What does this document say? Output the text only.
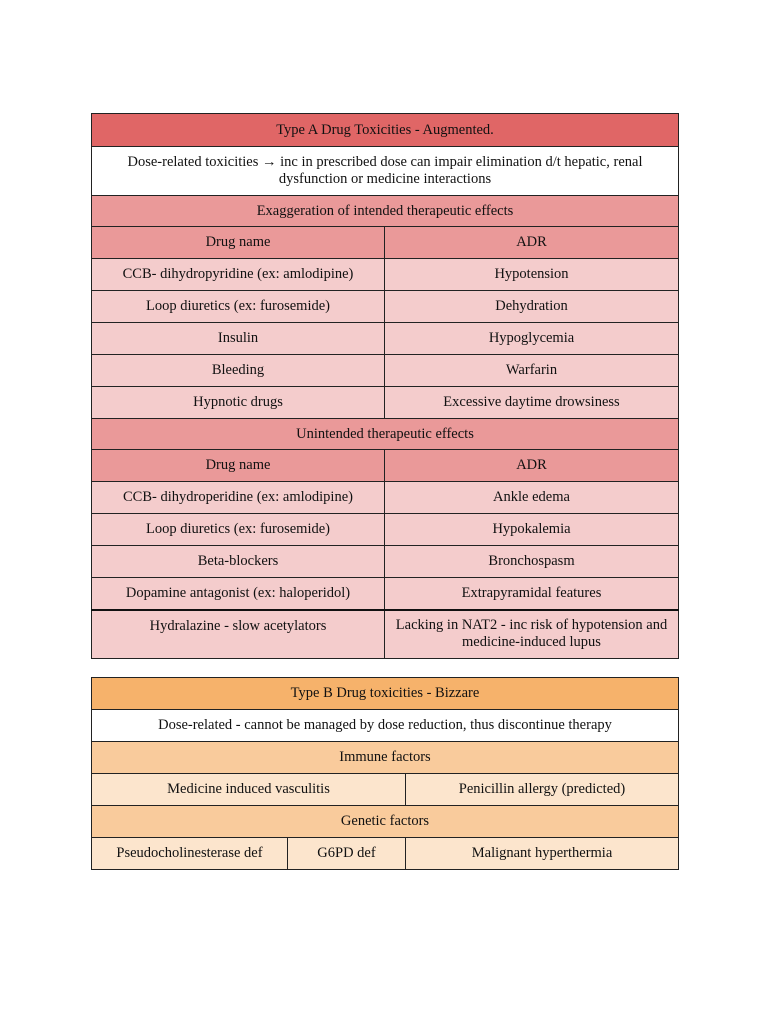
Type A Drug Toxicities - Augmented.	
Dose-related toxicities → inc in prescribed dose can impair elimination d/t hepatic, renal dysfunction or medicine interactions	
Exaggeration of intended therapeutic effects	
Drug name	ADR
CCB- dihydropyridine (ex: amlodipine)	Hypotension
Loop diuretics (ex: furosemide)	Dehydration
Insulin	Hypoglycemia
Bleeding	Warfarin
Hypnotic drugs	Excessive daytime drowsiness
Unintended therapeutic effects	
Drug name	ADR
CCB- dihydroperidine (ex: amlodipine)	Ankle edema
Loop diuretics (ex: furosemide)	Hypokalemia
Beta-blockers	Bronchospasm
Dopamine antagonist (ex: haloperidol)	Extrapyramidal features
Hydralazine - slow acetylators	Lacking in NAT2 - inc risk of hypotension and medicine-induced lupus
Type B Drug toxicities - Bizzare		
Dose-related - cannot be managed by dose reduction, thus discontinue therapy		
Immune factors		
Medicine induced vasculitis		Penicillin allergy (predicted)
Genetic factors		
Pseudocholinesterase def	G6PD def	Malignant hyperthermia
